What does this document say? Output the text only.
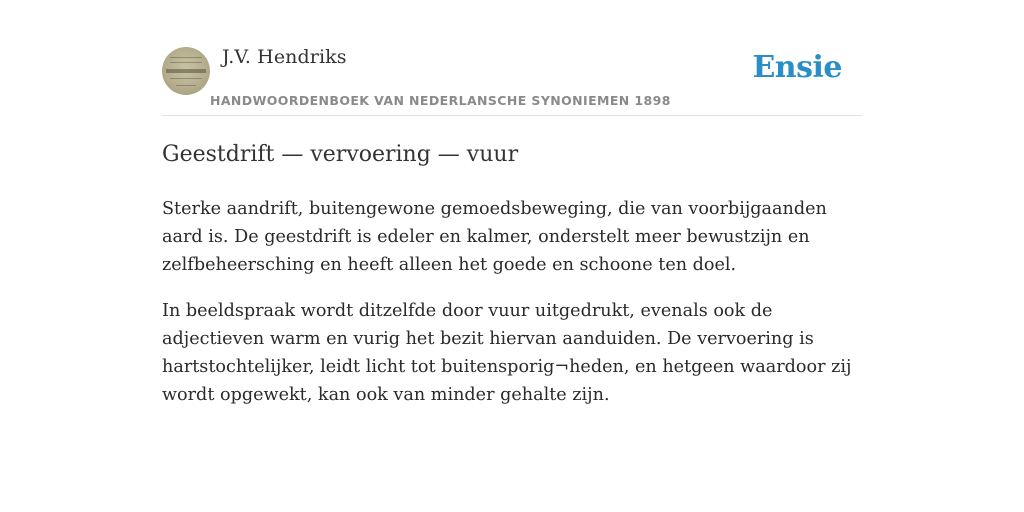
J.V. Hendriks
HANDWOORDENBOEK VAN NEDERLANSCHE SYNONIEMEN 1898
Ensie
Geestdrift — vervoering — vuur

Sterke aandrift, buitengewone gemoedsbeweging, die van voorbijgaanden aard is. De geestdrift is edeler en kalmer, onderstelt meer bewustzijn en zelfbeheersching en heeft alleen het goede en schoone ten doel.

In beeldspraak wordt ditzelfde door vuur uitgedrukt, evenals ook de adjectieven warm en vurig het bezit hiervan aanduiden. De vervoering is hartstochtelijker, leidt licht tot buitensporig¬heden, en hetgeen waardoor zij wordt opgewekt, kan ook van minder gehalte zijn.
